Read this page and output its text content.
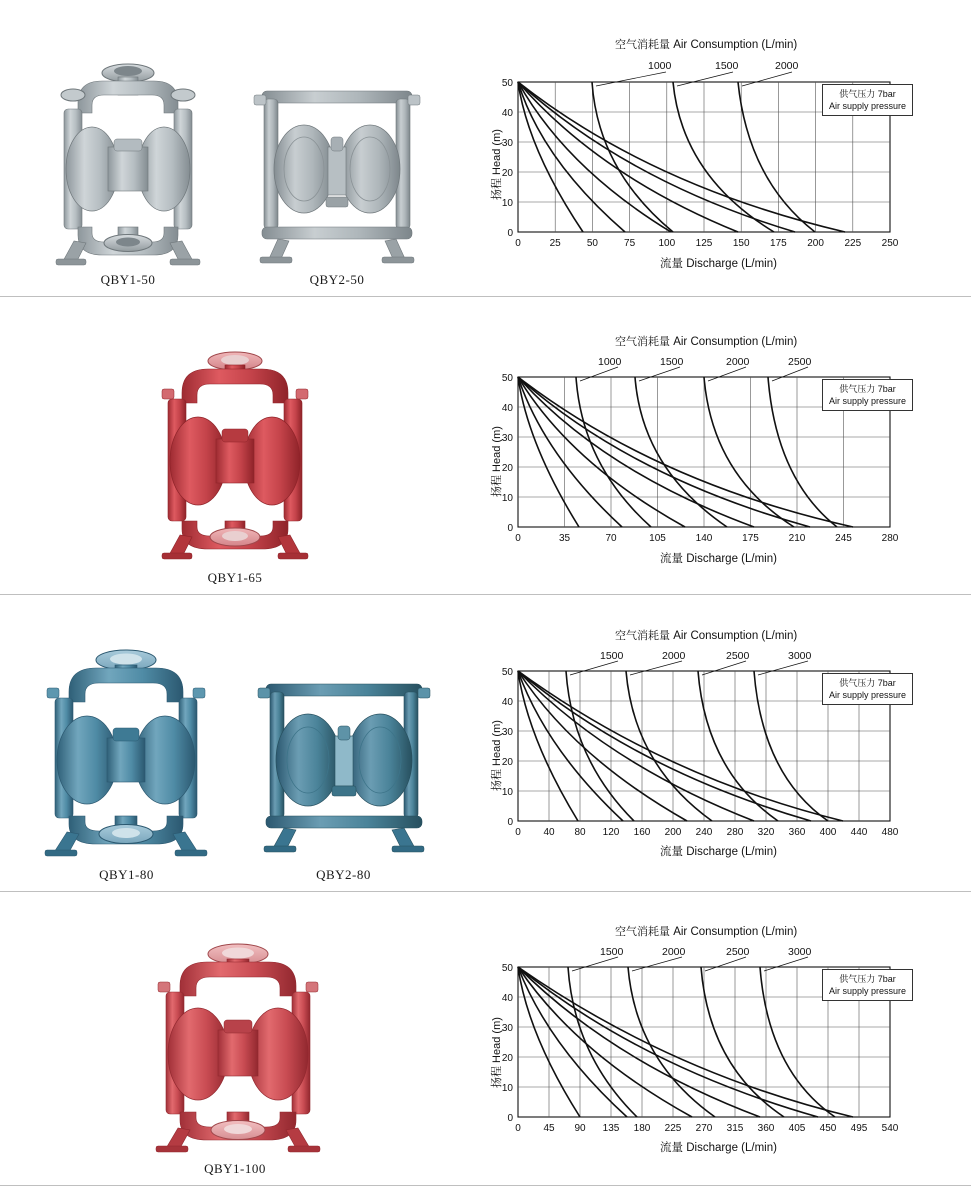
QBY1-50	QBY2-50
空气消耗量 Air Consumption (L/min)
1000	1500	2000
扬程 Head (m)
流量 Discharge (L/min)
供气压力 7bar
Air supply pressure
0	25	50	75 100 125 150 175 200 225 250
0
10
20
30
40
50
QBY1-65
空气消耗量 Air Consumption (L/min)
1000	1500	2000	2500
扬程 Head (m)
流量 Discharge (L/min)
供气压力 7bar
Air supply pressure
0	35	70	105	140	175	210	245	280
0
10
20
30
40
50
QBY1-80	QBY2-80
空气消耗量 Air Consumption (L/min)
1500	2000	2500	3000
扬程 Head (m)
流量 Discharge (L/min)
供气压力 7bar
Air supply pressure
0 40 80 120 160 200 240 280 320 360 400 440 480
0
10
20
30
40
50
QBY1-100
空气消耗量 Air Consumption (L/min)
1500	2000	2500	3000
扬程 Head (m)
流量 Discharge (L/min)
供气压力 7bar
Air supply pressure
0 45 90 135 180 225 270 315 360 405 450 495 540
0
10
20
30
40
50
